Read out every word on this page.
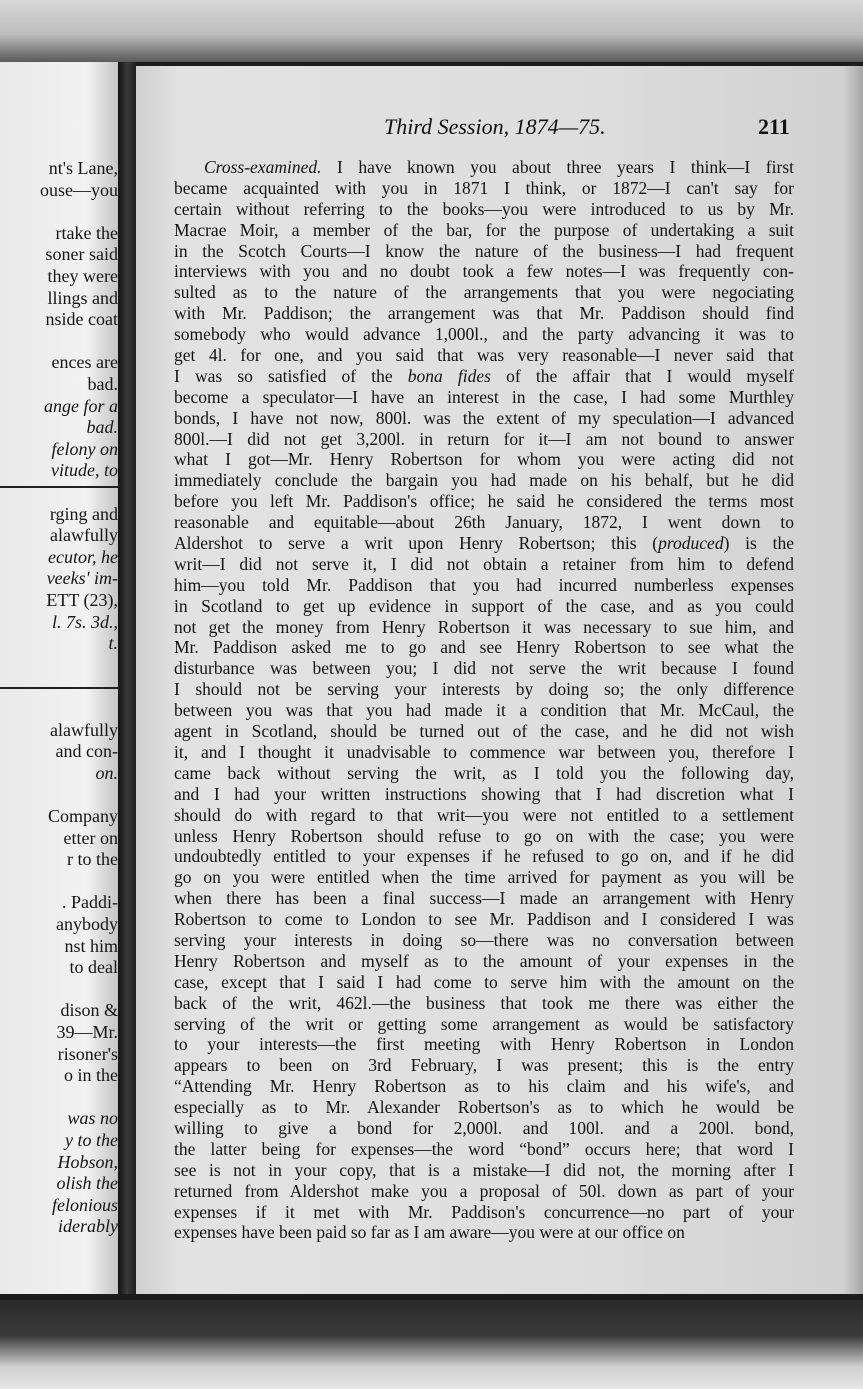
nt's Lane,
ouse—you
rtake the
soner said
they were
llings and
nside coat
ences are
bad.
ange for a
bad.
felony on
vitude, to
rging and
alawfully
ecutor, he
veeks' im-
ETT (23),
l. 7s. 3d.,
t.
alawfully
and con-
on.
Company
etter on
r to the
. Paddi-
anybody
nst him
to deal
dison &
39—Mr.
risoner's
o in the
was no
y to the
Hobson,
olish the
felonious
iderably
Third Session, 1874—75.	211
Cross-examined. I have known you about three years I think—I first
became acquainted with you in 1871 I think, or 1872—I can't say for
certain without referring to the books—you were introduced to us by Mr.
Macrae Moir, a member of the bar, for the purpose of undertaking a suit
in the Scotch Courts—I know the nature of the business—I had frequent
interviews with you and no doubt took a few notes—I was frequently con-
sulted as to the nature of the arrangements that you were negociating
with Mr. Paddison; the arrangement was that Mr. Paddison should find
somebody who would advance 1,000l., and the party advancing it was to
get 4l. for one, and you said that was very reasonable—I never said that
I was so satisfied of the bona fides of the affair that I would myself
become a speculator—I have an interest in the case, I had some Murthley
bonds, I have not now, 800l. was the extent of my speculation—I advanced
800l.—I did not get 3,200l. in return for it—I am not bound to answer
what I got—Mr. Henry Robertson for whom you were acting did not
immediately conclude the bargain you had made on his behalf, but he did
before you left Mr. Paddison's office; he said he considered the terms most
reasonable and equitable—about 26th January, 1872, I went down to
Aldershot to serve a writ upon Henry Robertson; this (produced) is the
writ—I did not serve it, I did not obtain a retainer from him to defend
him—you told Mr. Paddison that you had incurred numberless expenses
in Scotland to get up evidence in support of the case, and as you could
not get the money from Henry Robertson it was necessary to sue him, and
Mr. Paddison asked me to go and see Henry Robertson to see what the
disturbance was between you; I did not serve the writ because I found
I should not be serving your interests by doing so; the only difference
between you was that you had made it a condition that Mr. McCaul, the
agent in Scotland, should be turned out of the case, and he did not wish
it, and I thought it unadvisable to commence war between you, therefore I
came back without serving the writ, as I told you the following day,
and I had your written instructions showing that I had discretion what I
should do with regard to that writ—you were not entitled to a settlement
unless Henry Robertson should refuse to go on with the case; you were
undoubtedly entitled to your expenses if he refused to go on, and if he did
go on you were entitled when the time arrived for payment as you will be
when there has been a final success—I made an arrangement with Henry
Robertson to come to London to see Mr. Paddison and I considered I was
serving your interests in doing so—there was no conversation between
Henry Robertson and myself as to the amount of your expenses in the
case, except that I said I had come to serve him with the amount on the
back of the writ, 462l.—the business that took me there was either the
serving of the writ or getting some arrangement as would be satisfactory
to your interests—the first meeting with Henry Robertson in London
appears to been on 3rd February, I was present; this is the entry
“Attending Mr. Henry Robertson as to his claim and his wife's, and
especially as to Mr. Alexander Robertson's as to which he would be
willing to give a bond for 2,000l. and 100l. and a 200l. bond,
the latter being for expenses—the word “bond” occurs here; that word I
see is not in your copy, that is a mistake—I did not, the morning after I
returned from Aldershot make you a proposal of 50l. down as part of your
expenses if it met with Mr. Paddison's concurrence—no part of your
expenses have been paid so far as I am aware—you were at our office on
